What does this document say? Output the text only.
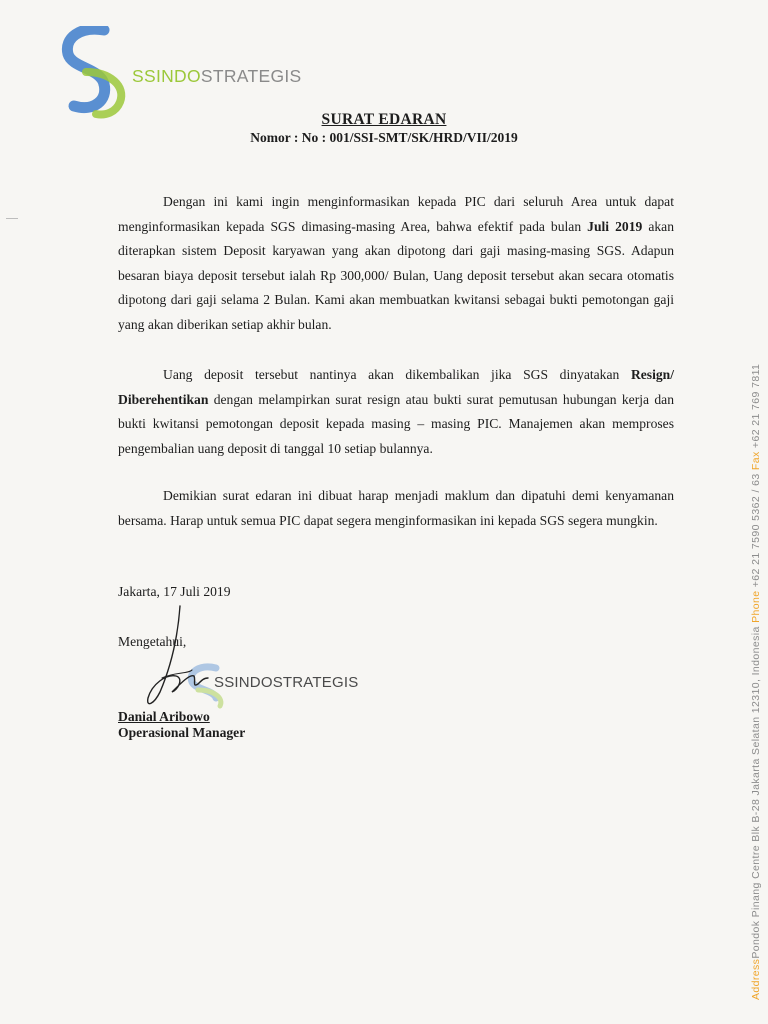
SSINDOSTRATEGIS
SURAT EDARAN
Nomor : No : 001/SSI-SMT/SK/HRD/VII/2019
Dengan ini kami ingin menginformasikan kepada PIC dari seluruh Area untuk dapat menginformasikan kepada SGS dimasing-masing Area, bahwa efektif pada bulan Juli 2019 akan diterapkan sistem Deposit karyawan yang akan dipotong dari gaji masing-masing SGS. Adapun besaran biaya deposit tersebut ialah Rp 300,000/ Bulan, Uang deposit tersebut akan secara otomatis dipotong dari gaji selama 2 Bulan. Kami akan membuatkan kwitansi sebagai bukti pemotongan gaji yang akan diberikan setiap akhir bulan.
Uang deposit tersebut nantinya akan dikembalikan jika SGS dinyatakan Resign/ Diberehentikan dengan melampirkan surat resign atau bukti surat pemutusan hubungan kerja dan bukti kwitansi pemotongan deposit kepada masing – masing PIC. Manajemen akan memproses pengembalian uang deposit di tanggal 10 setiap bulannya.
Demikian surat edaran ini dibuat harap menjadi maklum dan dipatuhi demi kenyamanan bersama. Harap untuk semua PIC dapat segera menginformasikan ini kepada SGS segera mungkin.
Jakarta, 17 Juli 2019
Mengetahui,
SSINDOSTRATEGIS
Danial Aribowo
Operasional Manager
AddressPondok Pinang Centre Blk B-28 Jakarta Selatan 12310, Indonesia Phone +62 21 7590 5362 / 63 Fax +62 21 769 7811
